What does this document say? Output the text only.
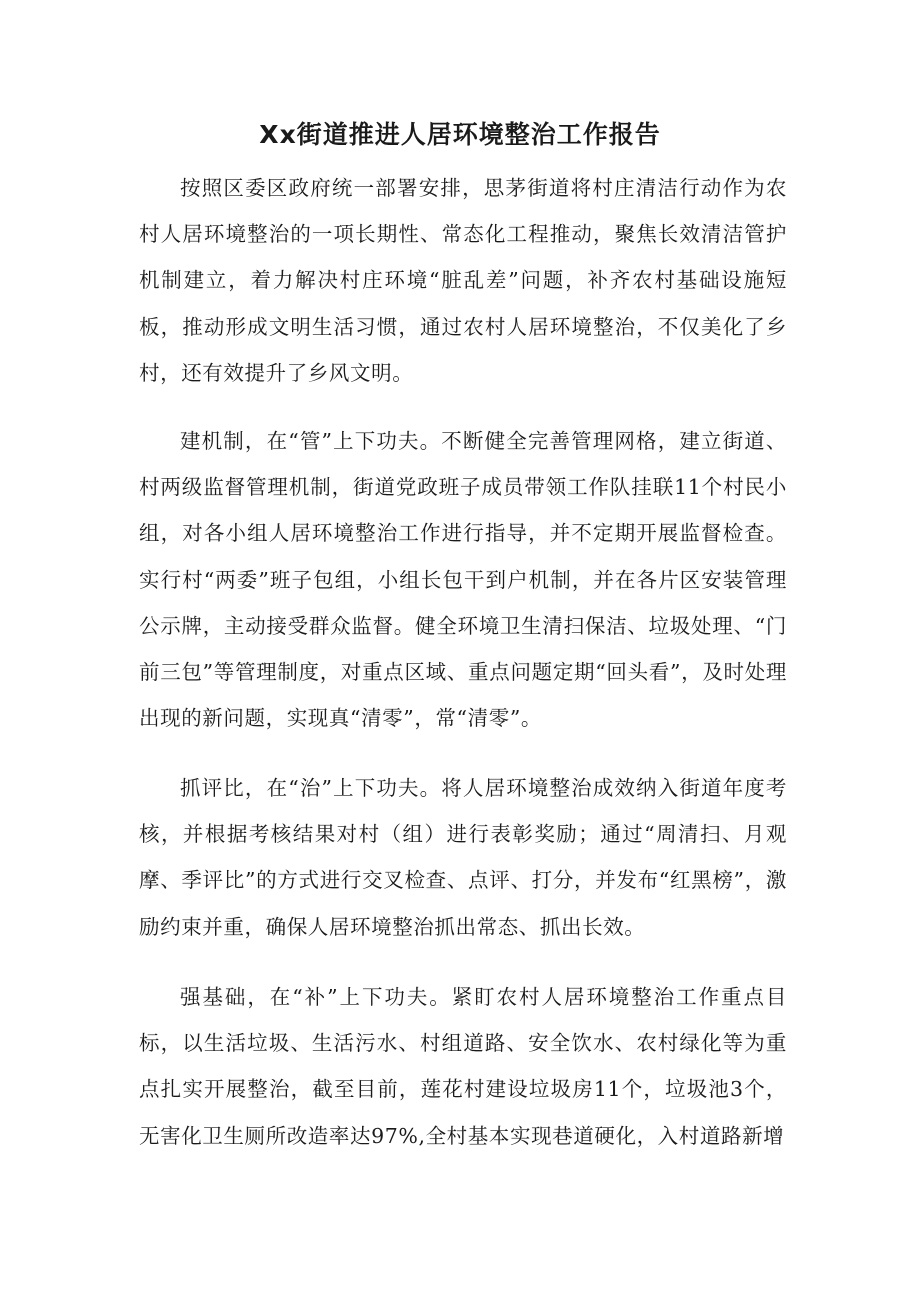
Xx街道推进人居环境整治工作报告

按照区委区政府统一部署安排，思茅街道将村庄清洁行动作为农村人居环境整治的一项长期性、常态化工程推动，聚焦长效清洁管护机制建立，着力解决村庄环境“脏乱差”问题，补齐农村基础设施短板，推动形成文明生活习惯，通过农村人居环境整治，不仅美化了乡村，还有效提升了乡风文明。

建机制，在“管”上下功夫。不断健全完善管理网格，建立街道、村两级监督管理机制，街道党政班子成员带领工作队挂联11个村民小组，对各小组人居环境整治工作进行指导，并不定期开展监督检查。实行村“两委”班子包组，小组长包干到户机制，并在各片区安装管理公示牌，主动接受群众监督。健全环境卫生清扫保洁、垃圾处理、“门前三包”等管理制度，对重点区域、重点问题定期“回头看”，及时处理出现的新问题，实现真“清零”，常“清零”。

抓评比，在“治”上下功夫。将人居环境整治成效纳入街道年度考核，并根据考核结果对村（组）进行表彰奖励；通过“周清扫、月观摩、季评比”的方式进行交叉检查、点评、打分，并发布“红黑榜”，激励约束并重，确保人居环境整治抓出常态、抓出长效。

强基础，在“补”上下功夫。紧盯农村人居环境整治工作重点目标，以生活垃圾、生活污水、村组道路、安全饮水、农村绿化等为重点扎实开展整治，截至目前，莲花村建设垃圾房11个，垃圾池3个，无害化卫生厕所改造率达97%,全村基本实现巷道硬化，入村道路新增
